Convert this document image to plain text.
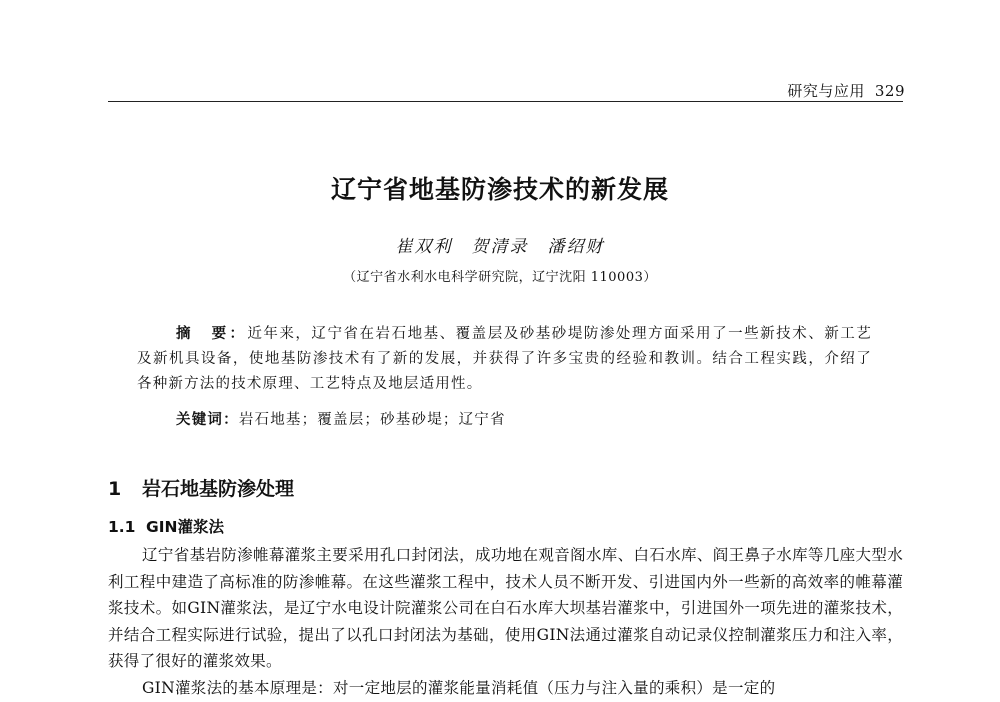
研究与应用 329
辽宁省地基防渗技术的新发展
崔双利　贺清录　潘绍财
（辽宁省水利水电科学研究院，辽宁沈阳 110003）

摘　要：近年来，辽宁省在岩石地基、覆盖层及砂基砂堤防渗处理方面采用了一些新技术、新工艺及新机具设备，使地基防渗技术有了新的发展，并获得了许多宝贵的经验和教训。结合工程实践，介绍了各种新方法的技术原理、工艺特点及地层适用性。

关键词：岩石地基；覆盖层；砂基砂堤；辽宁省

1 岩石地基防渗处理
1.1 GIN灌浆法

辽宁省基岩防渗帷幕灌浆主要采用孔口封闭法，成功地在观音阁水库、白石水库、阎王鼻子水库等几座大型水利工程中建造了高标准的防渗帷幕。在这些灌浆工程中，技术人员不断开发、引进国内外一些新的高效率的帷幕灌浆技术。如GIN灌浆法，是辽宁水电设计院灌浆公司在白石水库大坝基岩灌浆中，引进国外一项先进的灌浆技术，并结合工程实际进行试验，提出了以孔口封闭法为基础，使用GIN法通过灌浆自动记录仪控制灌浆压力和注入率，获得了很好的灌浆效果。

GIN灌浆法的基本原理是：对一定地层的灌浆能量消耗值（压力与注入量的乘积）是一定的
